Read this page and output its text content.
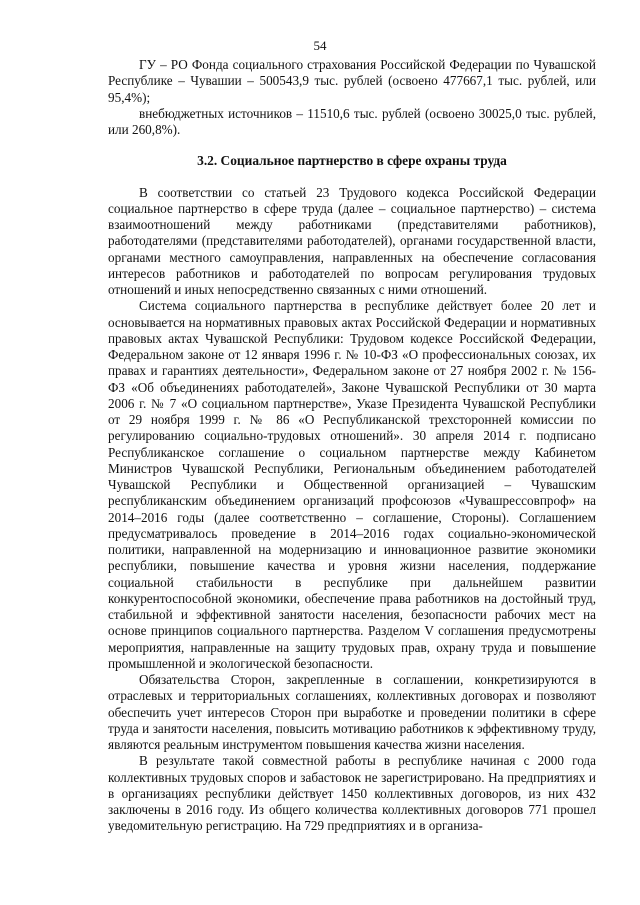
54

ГУ – РО Фонда социального страхования Российской Федерации по Чувашской Республике – Чувашии – 500543,9 тыс. рублей (освоено 477667,1 тыс. рублей, или 95,4%);

внебюджетных источников – 11510,6 тыс. рублей (освоено 30025,0 тыс. рублей, или 260,8%).

3.2. Социальное партнерство в сфере охраны труда

В соответствии со статьей 23 Трудового кодекса Российской Федерации социальное партнерство в сфере труда (далее – социальное партнерство) – система взаимоотношений между работниками (представителями работников), работодателями (представителями работодателей), органами государственной власти, органами местного самоуправления, направленных на обеспечение согласования интересов работников и работодателей по вопросам регулирования трудовых отношений и иных непосредственно связанных с ними отношений.

Система социального партнерства в республике действует более 20 лет и основывается на нормативных правовых актах Российской Федерации и нормативных правовых актах Чувашской Республики: Трудовом кодексе Российской Федерации, Федеральном законе от 12 января 1996 г. № 10-ФЗ «О профессиональных союзах, их правах и гарантиях деятельности», Федеральном законе от 27 ноября 2002 г. № 156-ФЗ «Об объединениях работодателей», Законе Чувашской Республики от 30 марта 2006 г. № 7 «О социальном партнерстве», Указе Президента Чувашской Республики от 29 ноября 1999 г. № 86 «О Республиканской трехсторонней комиссии по регулированию социально-трудовых отношений». 30 апреля 2014 г. подписано Республиканское соглашение о социальном партнерстве между Кабинетом Министров Чувашской Республики, Региональным объединением работодателей Чувашской Республики и Общественной организацией – Чувашским республиканским объединением организаций профсоюзов «Чувашрессовпроф» на 2014–2016 годы (далее соответственно – соглашение, Стороны). Соглашением предусматривалось проведение в 2014–2016 годах социально-экономической политики, направленной на модернизацию и инновационное развитие экономики республики, повышение качества и уровня жизни населения, поддержание социальной стабильности в республике при дальнейшем развитии конкурентоспособной экономики, обеспечение права работников на достойный труд, стабильной и эффективной занятости населения, безопасности рабочих мест на основе принципов социального партнерства. Разделом V соглашения предусмотрены мероприятия, направленные на защиту трудовых прав, охрану труда и повышение промышленной и экологической безопасности.

Обязательства Сторон, закрепленные в соглашении, конкретизируются в отраслевых и территориальных соглашениях, коллективных договорах и позволяют обеспечить учет интересов Сторон при выработке и проведении политики в сфере труда и занятости населения, повысить мотивацию работников к эффективному труду, являются реальным инструментом повышения качества жизни населения.

В результате такой совместной работы в республике начиная с 2000 года коллективных трудовых споров и забастовок не зарегистрировано. На предприятиях и в организациях республики действует 1450 коллективных договоров, из них 432 заключены в 2016 году. Из общего количества коллективных договоров 771 прошел уведомительную регистрацию. На 729 предприятиях и в организа-
